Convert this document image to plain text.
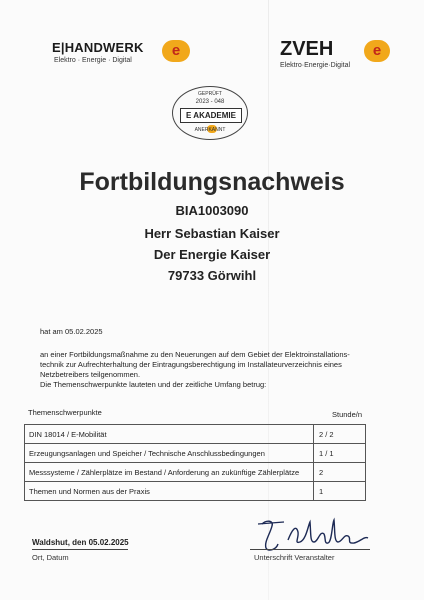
E|HANDWERK
Elektro · Energie · Digital
e	ZVEH
Elektro·Energie·Digital
e
GEPRÜFT
2023 - 048
E AKADEMIE
ANERKANNT
Fortbildungsnachweis
BIA1003090
Herr Sebastian Kaiser
Der Energie Kaiser
79733 Görwihl
hat am 05.02.2025
an einer Fortbildungsmaßnahme zu den Neuerungen auf dem Gebiet der Elektroinstallations-
technik zur Aufrechterhaltung der Eintragungsberechtigung im Installateurverzeichnis eines
Netzbetreibers teilgenommen.
Die Themenschwerpunkte lauteten und der zeitliche Umfang betrug:
Themenschwerpunkte	Stunde/n
DIN 18014 / E-Mobilität	2 / 2
Erzeugungsanlagen und Speicher / Technische Anschlussbedingungen	1 / 1
Messsysteme / Zählerplätze im Bestand / Anforderung an zukünftige Zählerplätze	2
Themen und Normen aus der Praxis	1
Waldshut, den 05.02.2025
Ort, Datum	Unterschrift Veranstalter
